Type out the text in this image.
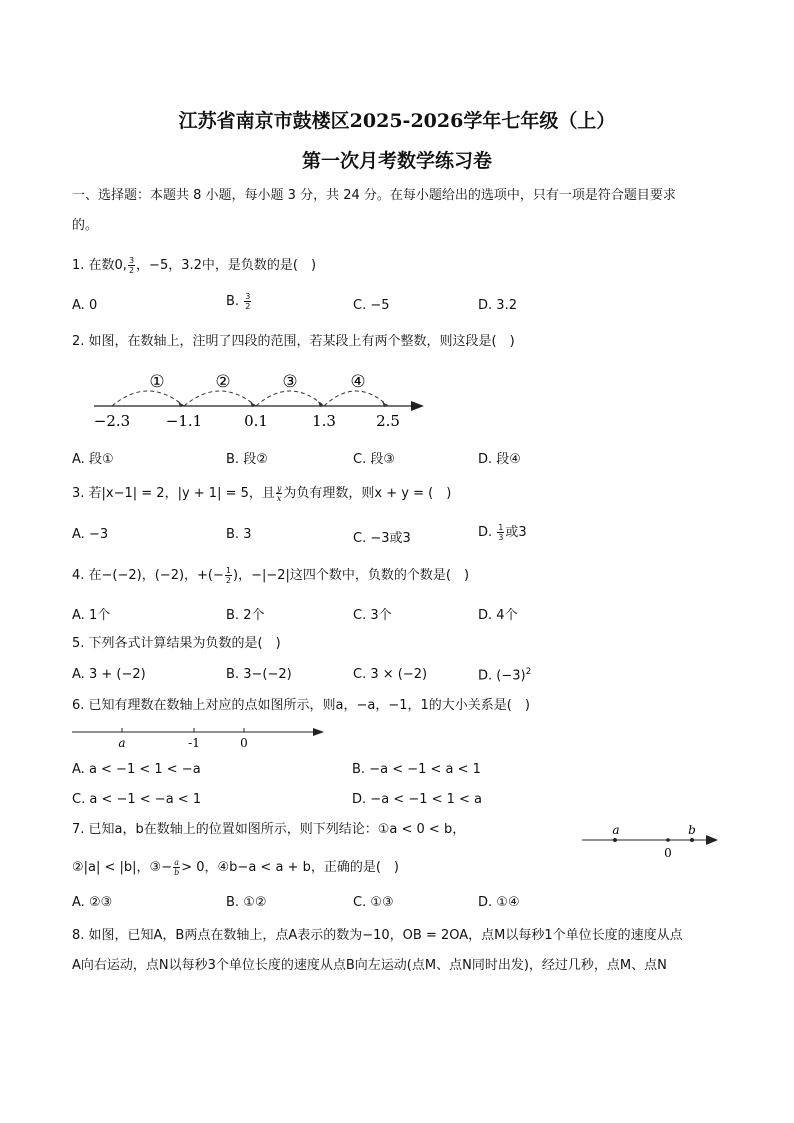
江苏省南京市鼓楼区2025-2026学年七年级（上）
第一次月考数学练习卷
一、选择题：本题共 8 小题，每小题 3 分，共 24 分。在每小题给出的选项中，只有一项是符合题目要求
的。
1. 在数0, $\frac{3}{2}$ ，−5，3.2中，是负数的是(　)
A. 0	B. $\frac{3}{2}$	C. −5	D. 3.2
2. 如图，在数轴上，注明了四段的范围，若某段上有两个整数，则这段是(　)
①	②	③	④
−2.3 −1.1	0.1	1.3	2.5
A. 段①	B. 段②	C. 段③	D. 段④
3. 若|x−1| = 2，|y + 1| = 5，且 $\frac{y}{x}$ 为负有理数，则x + y = (　)
A. −3	B. 3	C. −3或3	D. $\frac{1}{3}$ 或3
4. 在−(−2)，(−2)，+(− $\frac{1}{2}$ )，−|−2|这四个数中，负数的个数是(　)
A. 1个	B. 2个	C. 3个	D. 4个
5. 下列各式计算结果为负数的是(　)
A. 3 + (−2)	B. 3−(−2)	C. 3 × (−2)	D. $(-3)^2$
6. 已知有理数在数轴上对应的点如图所示，则a，−a，−1，1的大小关系是(　)
a	-1	0
A. a < −1 < 1 < −a	B. −a < −1 < a < 1
C. a < −1 < −a < 1	D. −a < −1 < 1 < a
7. 已知a，b在数轴上的位置如图所示，则下列结论：①a < 0 < b，
②|a| < |b|，③− $\frac{a}{b} > 0$，④b−a < a + b，正确的是(　)
a	b
0
A. ②③	B. ①②	C. ①③	D. ①④
8. 如图，已知A，B两点在数轴上，点A表示的数为−10，OB = 2OA，点M以每秒1个单位长度的速度从点
A向右运动，点N以每秒3个单位长度的速度从点B向左运动(点M、点N同时出发)，经过几秒，点M、点N
